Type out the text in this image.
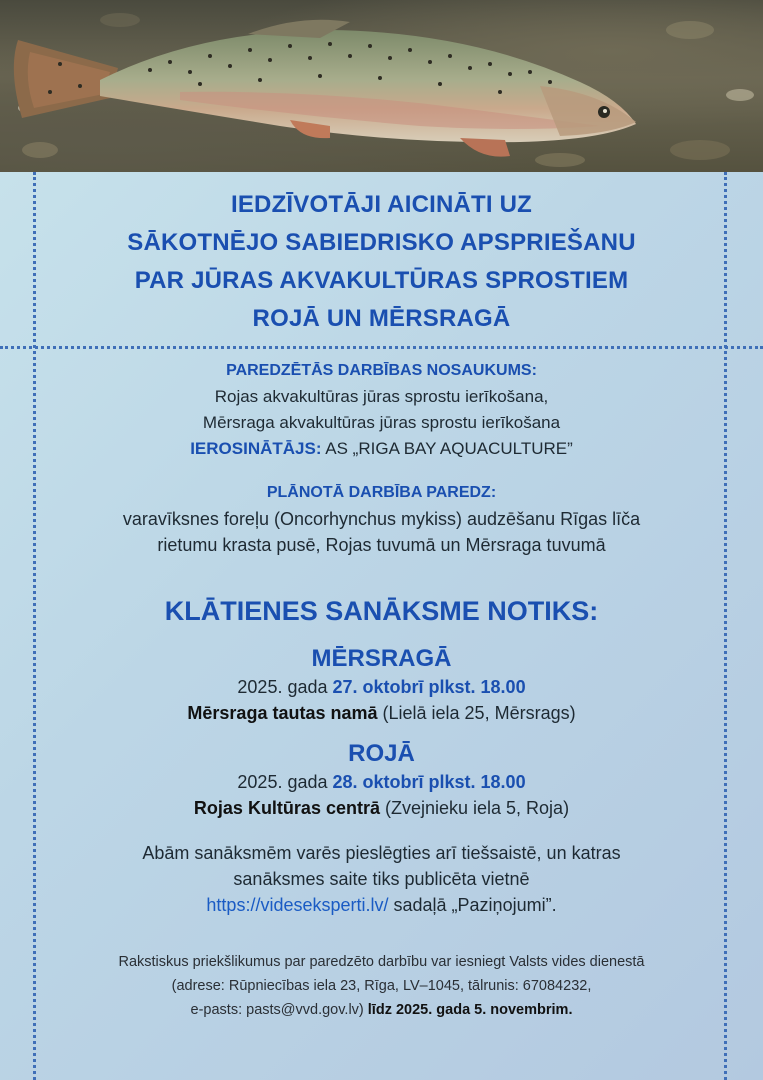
IEDZĪVOTĀJI AICINĀTI UZ
SĀKOTNĒJO SABIEDRISKO APSPRIEŠANU
PAR JŪRAS AKVAKULTŪRAS SPROSTIEM
ROJĀ UN MĒRSRAGĀ
PAREDZĒTĀS DARBĪBAS NOSAUKUMS:
Rojas akvakultūras jūras sprostu ierīkošana,
Mērsraga akvakultūras jūras sprostu ierīkošana
IEROSINĀTĀJS: AS „RIGA BAY AQUACULTURE”
PLĀNOTĀ DARBĪBA PAREDZ:
varavīksnes foreļu (Oncorhynchus mykiss) audzēšanu Rīgas līča
rietumu krasta pusē, Rojas tuvumā un Mērsraga tuvumā
KLĀTIENES SANĀKSME NOTIKS:
MĒRSRAGĀ
2025. gada 27. oktobrī plkst. 18.00
Mērsraga tautas namā (Lielā iela 25, Mērsrags)
ROJĀ
2025. gada 28. oktobrī plkst. 18.00
Rojas Kultūras centrā (Zvejnieku iela 5, Roja)
Abām sanāksmēm varēs pieslēgties arī tiešsaistē, un katras
sanāksmes saite tiks publicēta vietnē
https://videseksperti.lv/ sadaļā „Paziņojumi”.
Rakstiskus priekšlikumus par paredzēto darbību var iesniegt Valsts vides dienestā
(adrese: Rūpniecības iela 23, Rīga, LV–1045, tālrunis: 67084232,
e-pasts: pasts@vvd.gov.lv) līdz 2025. gada 5. novembrim.
